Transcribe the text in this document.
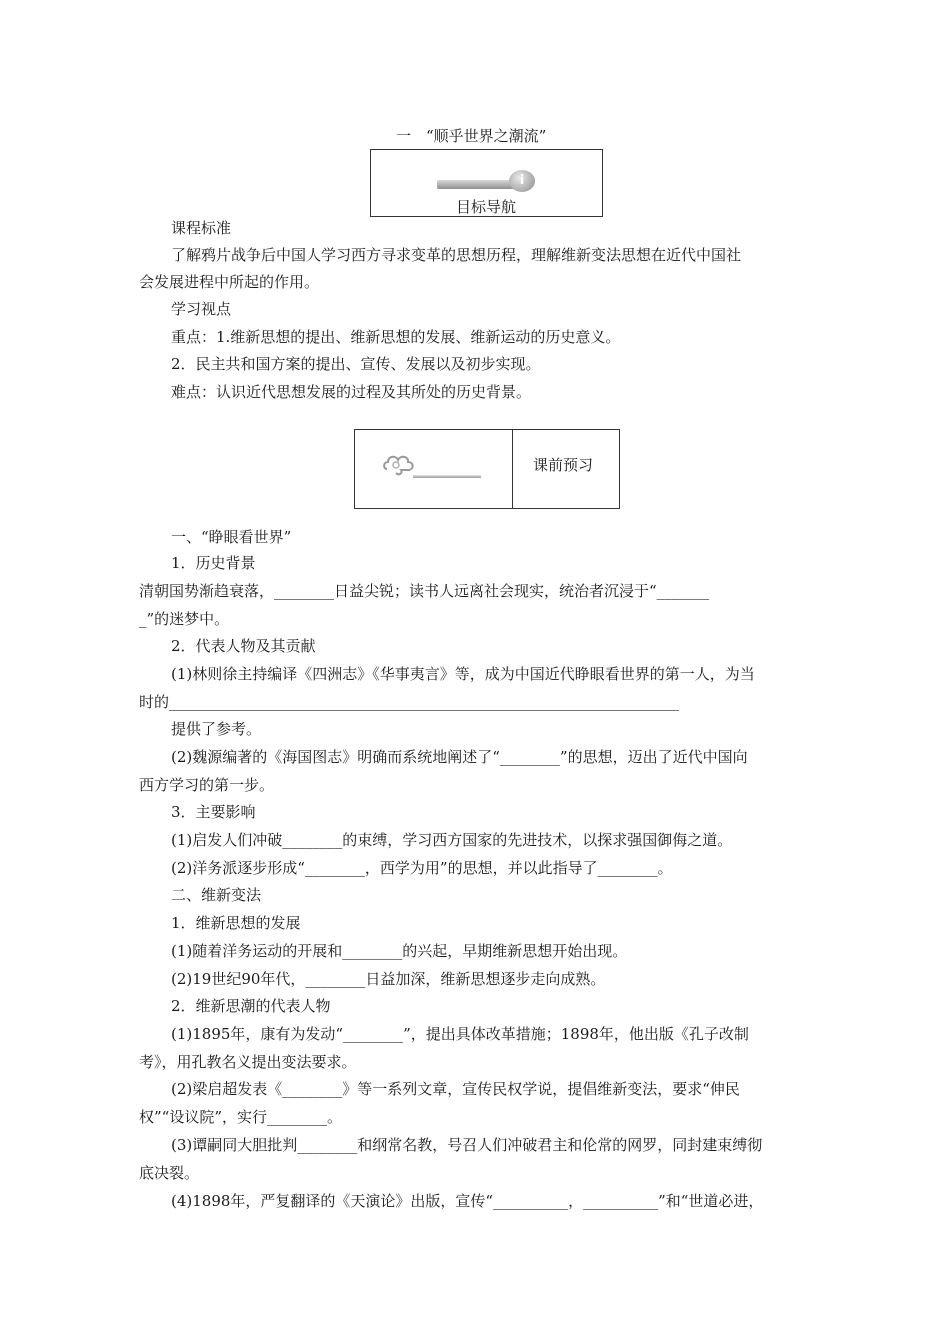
一　“顺乎世界之潮流”
i
目标导航
课程标准
了解鸦片战争后中国人学习西方寻求变革的思想历程，理解维新变法思想在近代中国社
会发展进程中所起的作用。
学习视点
重点：1.维新思想的提出、维新思想的发展、维新运动的历史意义。
2．民主共和国方案的提出、宣传、发展以及初步实现。
难点：认识近代思想发展的过程及其所处的历史背景。
课前预习
一、“睁眼看世界”
1．历史背景
清朝国势渐趋衰落，________日益尖锐；读书人远离社会现实，统治者沉浸于“_______
_”的迷梦中。
2．代表人物及其贡献
(1)林则徐主持编译《四洲志》《华事夷言》等，成为中国近代睁眼看世界的第一人，为当
时的____________________________________________________________________
提供了参考。
(2)魏源编著的《海国图志》明确而系统地阐述了“________”的思想，迈出了近代中国向
西方学习的第一步。
3．主要影响
(1)启发人们冲破________的束缚，学习西方国家的先进技术，以探求强国御侮之道。
(2)洋务派逐步形成“________，西学为用”的思想，并以此指导了________。
二、维新变法
1．维新思想的发展
(1)随着洋务运动的开展和________的兴起，早期维新思想开始出现。
(2)19世纪90年代，________日益加深，维新思想逐步走向成熟。
2．维新思潮的代表人物
(1)1895年，康有为发动“________”，提出具体改革措施；1898年，他出版《孔子改制
考》，用孔教名义提出变法要求。
(2)梁启超发表《________》等一系列文章，宣传民权学说，提倡维新变法，要求“伸民
权”“设议院”，实行________。
(3)谭嗣同大胆批判________和纲常名教，号召人们冲破君主和伦常的网罗，同封建束缚彻
底决裂。
(4)1898年，严复翻译的《天演论》出版，宣传“__________，__________”和“世道必进，
